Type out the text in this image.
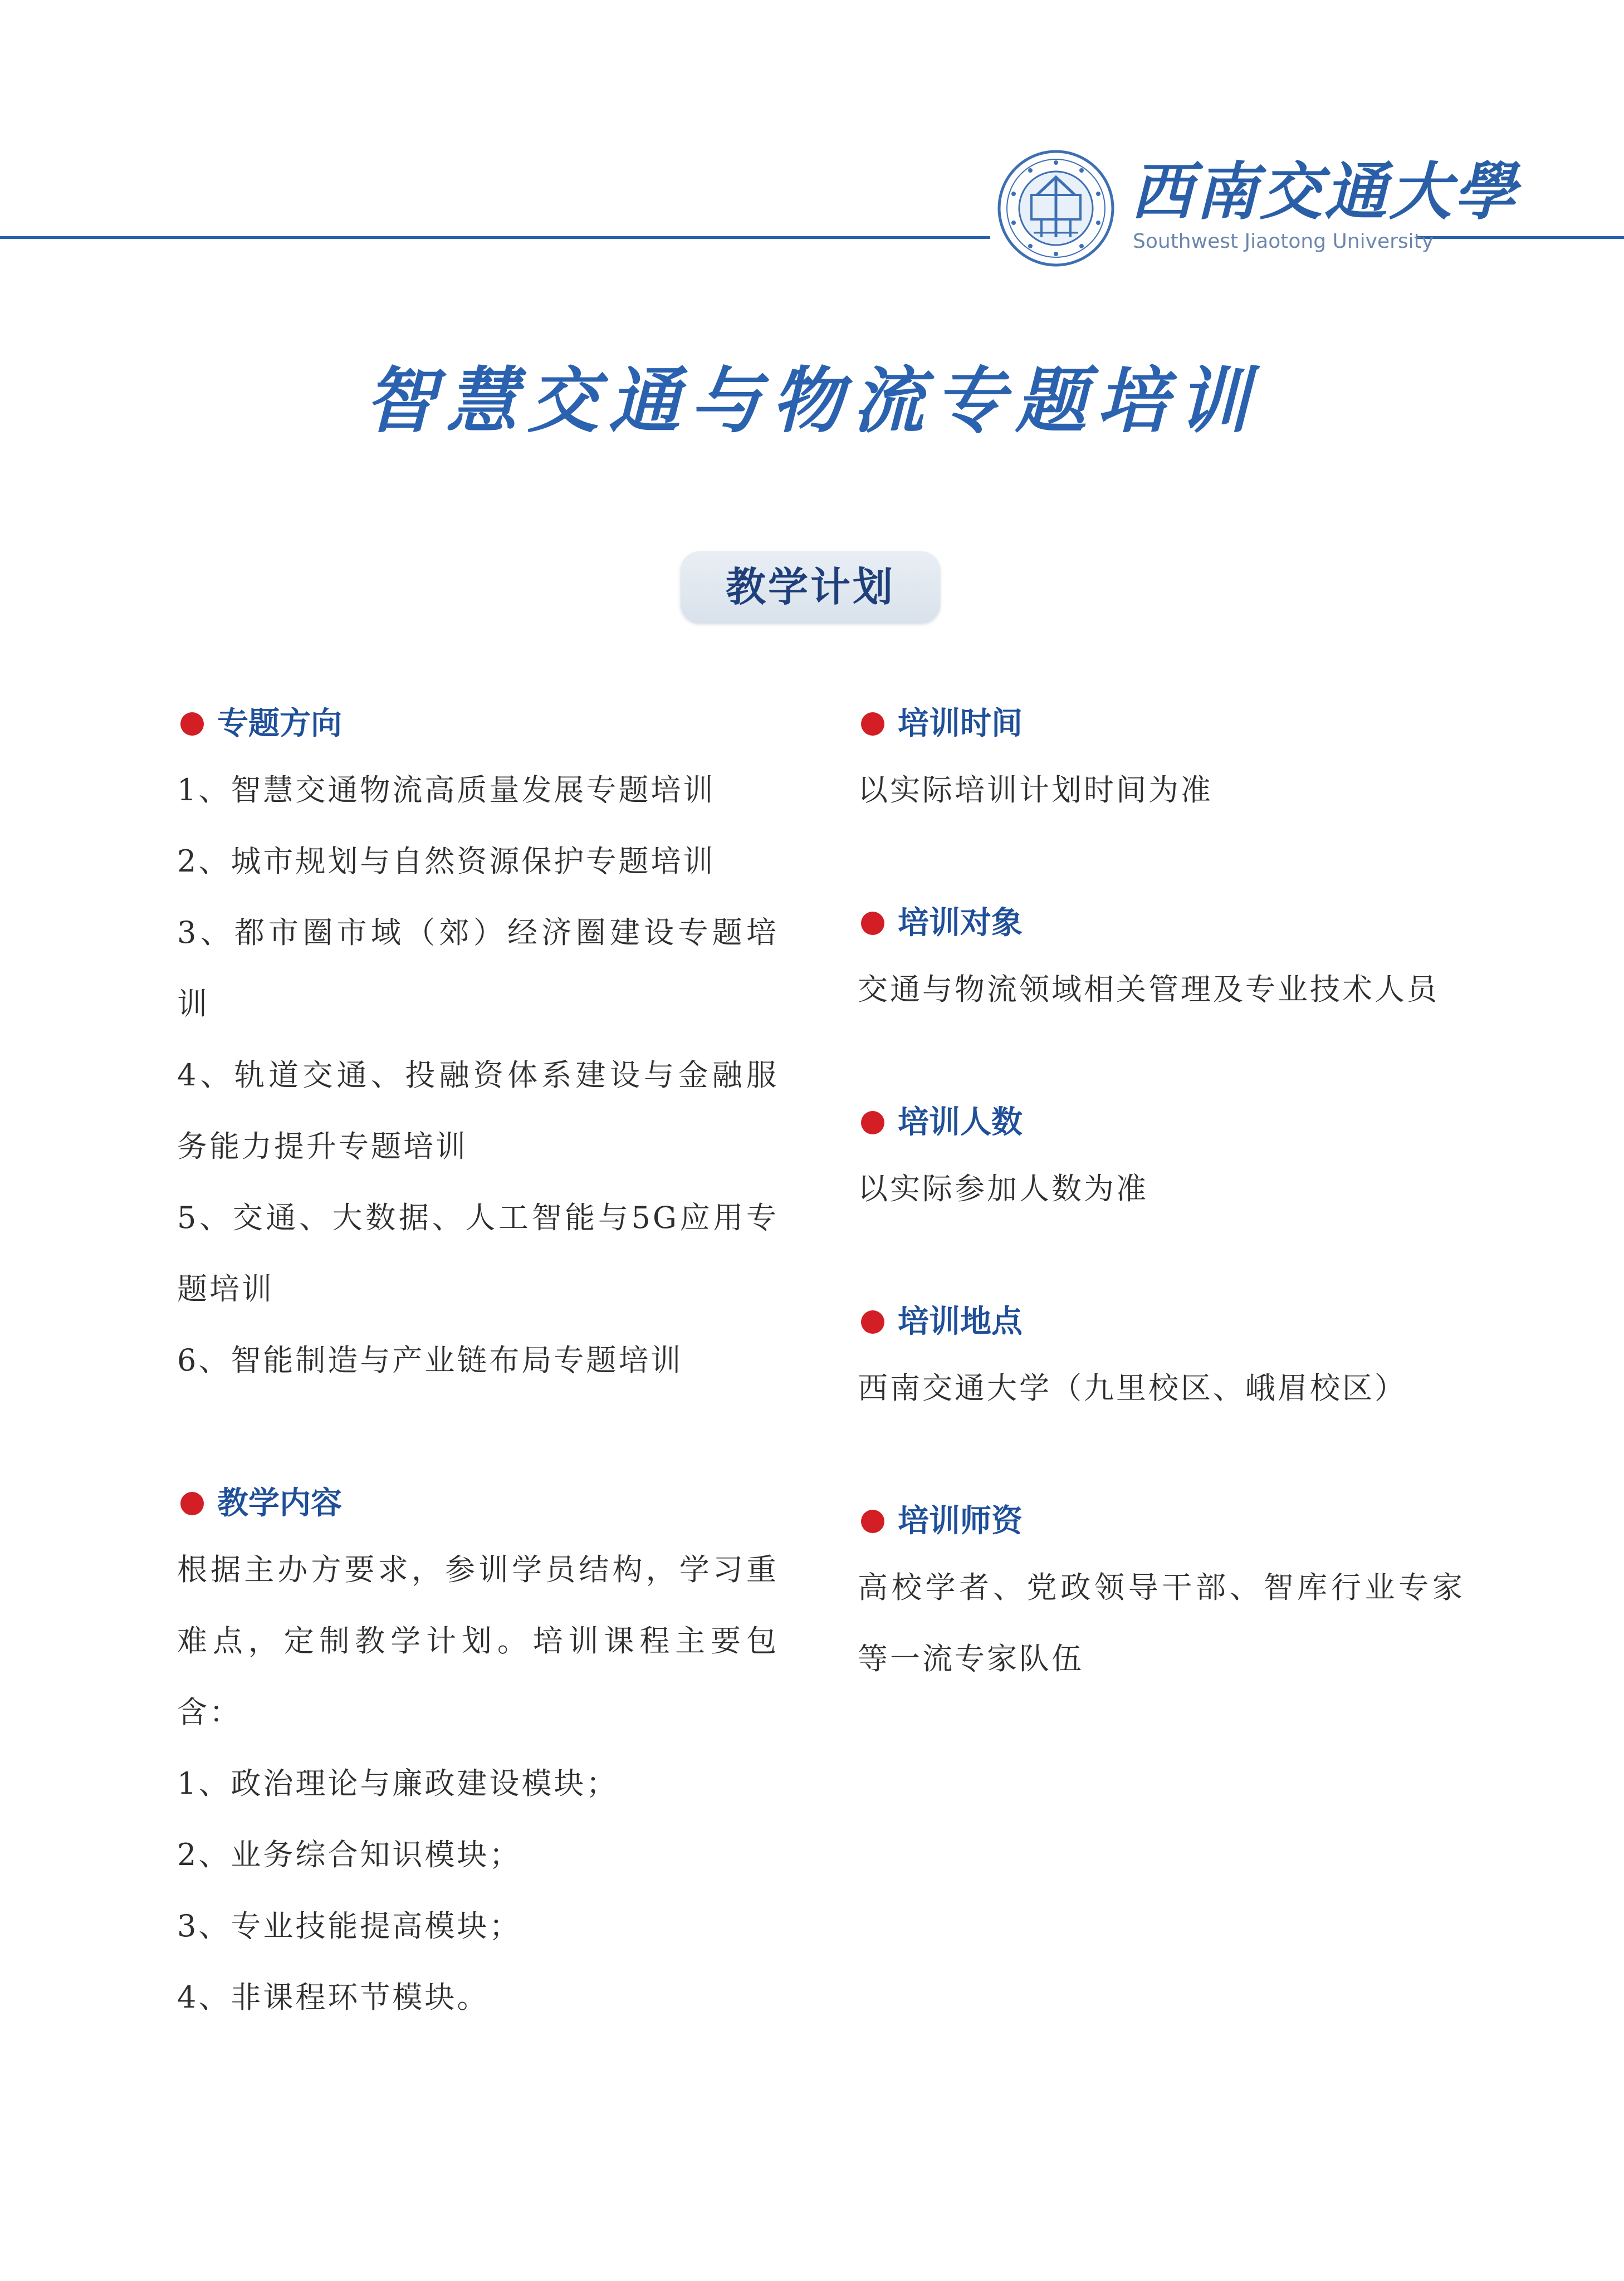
西南交通大學
Southwest Jiaotong University
智慧交通与物流专题培训
教学计划
专题方向

1、智慧交通物流高质量发展专题培训

2、城市规划与自然资源保护专题培训

3、都市圈市域（郊）经济圈建设专题培训

4、轨道交通、投融资体系建设与金融服务能力提升专题培训

5、交通、大数据、人工智能与5G应用专题培训

6、智能制造与产业链布局专题培训

教学内容

根据主办方要求，参训学员结构，学习重难点，定制教学计划。培训课程主要包含：

1、政治理论与廉政建设模块；

2、业务综合知识模块；

3、专业技能提高模块；

4、非课程环节模块。

培训时间

以实际培训计划时间为准

培训对象

交通与物流领域相关管理及专业技术人员

培训人数

以实际参加人数为准

培训地点

西南交通大学（九里校区、峨眉校区）

培训师资

高校学者、党政领导干部、智库行业专家等一流专家队伍
